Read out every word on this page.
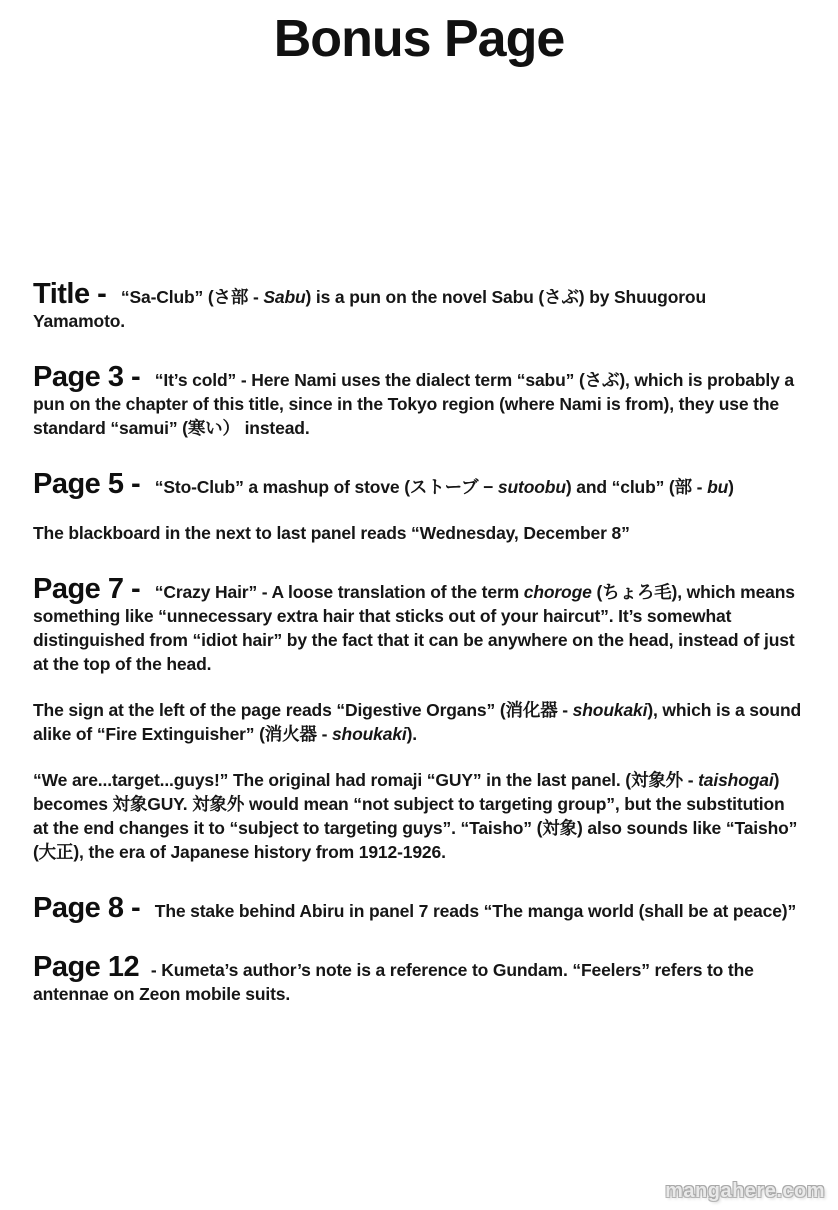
Bonus Page

Title - “Sa-Club” (さ部 - Sabu) is a pun on the novel Sabu (さぶ) by Shuugorou Yamamoto.

Page 3 - “It’s cold” - Here Nami uses the dialect term “sabu” (さぶ), which is probably a pun on the chapter of this title, since in the Tokyo region (where Nami is from), they use the standard “samui” (寒い） instead.

Page 5 - “Sto-Club” a mashup of stove (ストーブ − sutoobu) and “club” (部 - bu)

The blackboard in the next to last panel reads “Wednesday, December 8”

Page 7 - “Crazy Hair” - A loose translation of the term choroge (ちょろ毛), which means something like “unnecessary extra hair that sticks out of your haircut”. It’s somewhat distinguished from “idiot hair” by the fact that it can be anywhere on the head, instead of just at the top of the head.

The sign at the left of the page reads “Digestive Organs” (消化器 - shoukaki), which is a sound alike of “Fire Extinguisher” (消火器 - shoukaki).

“We are...target...guys!” The original had romaji “GUY” in the last panel. (対象外 - taishogai) becomes 対象GUY. 対象外 would mean “not subject to targeting group”, but the substitution at the end changes it to “subject to targeting guys”. “Taisho” (対象) also sounds like “Taisho” (大正), the era of Japanese history from 1912-1926.

Page 8 - The stake behind Abiru in panel 7 reads “The manga world (shall be at peace)”

Page 12 - Kumeta’s author’s note is a reference to Gundam. “Feelers” refers to the antennae on Zeon mobile suits.

mangahere.com
